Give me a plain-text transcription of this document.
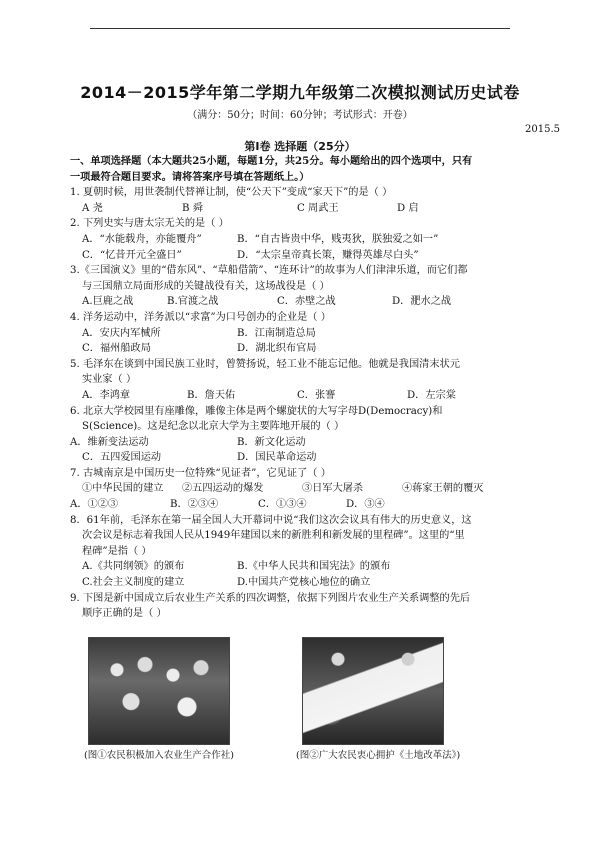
2014－2015学年第二学期九年级第二次模拟测试历史试卷
（满分：50分；时间：60分钟；考试形式：开卷）
2015.5
第Ⅰ卷 选择题（25分）
一、单项选择题（本大题共25小题，每题1分，共25分。每小题给出的四个选项中，只有
一项最符合题目要求。请将答案序号填在答题纸上。）
1. 夏朝时候，用世袭制代替禅让制，使“公天下”变成“家天下”的是（ ）
A 尧	B 舜	C 周武王	D 启
2. 下列史实与唐太宗无关的是（ ）
A．“水能载舟，亦能覆舟”	B．“自古皆贵中华，贱夷狄，朕独爱之如一”
C．“忆昔开元全盛日”	D．“太宗皇帝真长策，赚得英雄尽白头”
3.《三国演义》里的“借东风”、“草船借箭”、“连环计”的故事为人们津津乐道，而它们都
与三国鼎立局面形成的关键战役有关，这场战役是（ ）
A.巨鹿之战	B.官渡之战	C．赤壁之战	D．淝水之战
4. 洋务运动中，洋务派以“求富”为口号创办的企业是（ ）
A．安庆内军械所	B．江南制造总局
C．福州船政局	D．湖北织布官局
5. 毛泽东在谈到中国民族工业时，曾赞扬说，轻工业不能忘记他。他就是我国清末状元
实业家（ ）
A．李鸿章	B．詹天佑	C．张謇	D．左宗棠
6. 北京大学校园里有座雕像，雕像主体是两个螺旋状的大写字母D(Democracy)和
S(Science)。这是纪念以北京大学为主要阵地开展的（ ）
A．维新变法运动	B．新文化运动
C．五四爱国运动	D．国民革命运动
7. 古城南京是中国历史一位特殊“见证者”，它见证了（ ）
①中华民国的建立	②五四运动的爆发	③日军大屠杀	④蒋家王朝的覆灭
A．①②③	B．②③④	C．①③④	D．③④
8．61年前，毛泽东在第一届全国人大开幕词中说“我们这次会议具有伟大的历史意义，这
次会议是标志着我国人民从1949年建国以来的新胜利和新发展的里程碑”。这里的“里
程碑”是指（ ）
A.《共同纲领》的颁布	B.《中华人民共和国宪法》的颁布
C.社会主义制度的建立	D.中国共产党核心地位的确立
9. 下图是新中国成立后农业生产关系的四次调整，依据下列图片农业生产关系调整的先后
顺序正确的是（ ）
(图①农民积极加入农业生产合作社)	(图②广大农民衷心拥护《土地改革法》)
